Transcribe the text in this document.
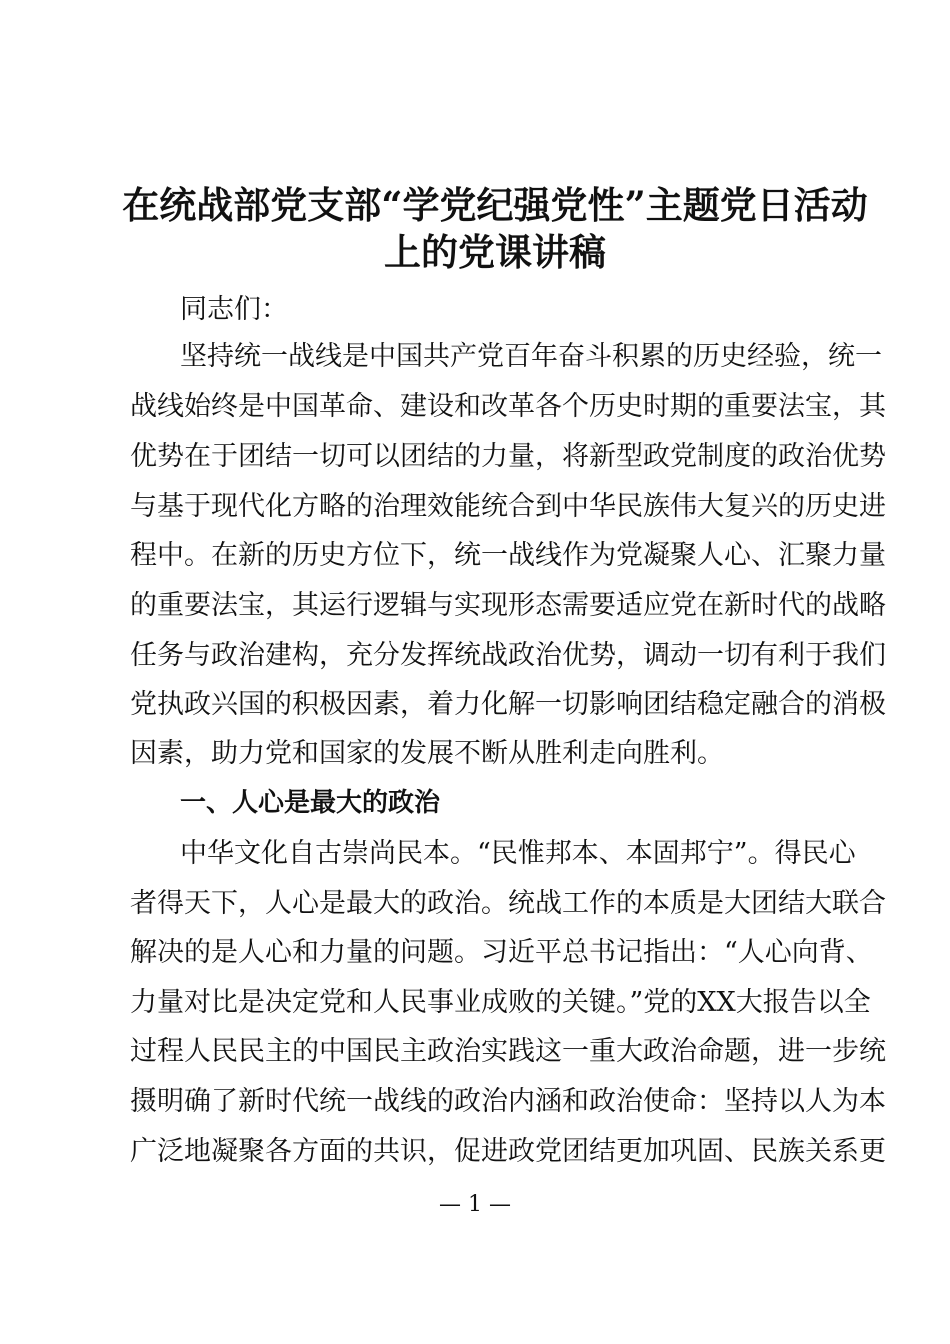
在统战部党支部“学党纪强党性”主题党日活动
上的党课讲稿
同志们：
坚持统一战线是中国共产党百年奋斗积累的历史经验，统一
战线始终是中国革命、建设和改革各个历史时期的重要法宝，其
优势在于团结一切可以团结的力量，将新型政党制度的政治优势
与基于现代化方略的治理效能统合到中华民族伟大复兴的历史进
程中。在新的历史方位下，统一战线作为党凝聚人心、汇聚力量
的重要法宝，其运行逻辑与实现形态需要适应党在新时代的战略
任务与政治建构，充分发挥统战政治优势，调动一切有利于我们
党执政兴国的积极因素，着力化解一切影响团结稳定融合的消极
因素，助力党和国家的发展不断从胜利走向胜利。
一、人心是最大的政治
中华文化自古崇尚民本。“民惟邦本、本固邦宁”。得民心
者得天下，人心是最大的政治。统战工作的本质是大团结大联合
解决的是人心和力量的问题。习近平总书记指出：“人心向背、
力量对比是决定党和人民事业成败的关键。”党的XX大报告以全
过程人民民主的中国民主政治实践这一重大政治命题，进一步统
摄明确了新时代统一战线的政治内涵和政治使命：坚持以人为本
广泛地凝聚各方面的共识，促进政党团结更加巩固、民族关系更
— 1 —
